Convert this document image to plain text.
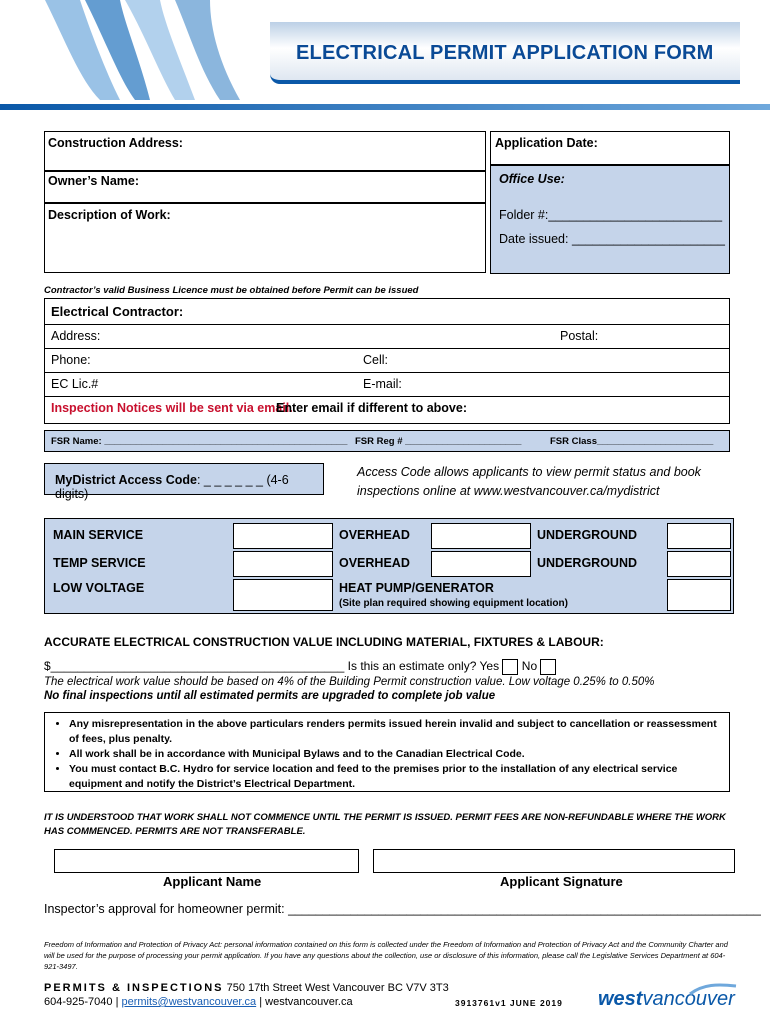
ELECTRICAL PERMIT APPLICATION FORM
Construction Address:
Owner’s Name:
Description of Work:
Application Date:
Office Use:
Folder #:_________________________
Date issued: ______________________
Contractor’s valid Business Licence must be obtained before Permit can be issued
Electrical Contractor:
Address:	Postal:
Phone:	Cell:
EC Lic.#	E-mail:
Inspection Notices will be sent via email.
Enter email if different to above:
FSR Name: ______________________________________________ FSR Reg # ______________________	FSR Class______________________
MyDistrict Access Code: _ _ _ _ _ _ (4-6 digits)
Access Code allows applicants to view permit status and book
inspections online at www.westvancouver.ca/mydistrict
MAIN SERVICE	OVERHEAD	UNDERGROUND
TEMP SERVICE	OVERHEAD	UNDERGROUND
LOW VOLTAGE	HEAT PUMP/GENERATOR
(Site plan required showing equipment location)
ACCURATE ELECTRICAL CONSTRUCTION VALUE INCLUDING MATERIAL, FIXTURES & LABOUR:
$____________________________________________ Is this an estimate only? Yes No
The electrical work value should be based on 4% of the Building Permit construction value. Low voltage 0.25% to 0.50%
No final inspections until all estimated permits are upgraded to complete job value
• Any misrepresentation in the above particulars renders permits issued herein invalid and subject to cancellation or reassessment of fees, plus penalty.
• All work shall be in accordance with Municipal Bylaws and to the Canadian Electrical Code.
• You must contact B.C. Hydro for service location and feed to the premises prior to the installation of any electrical service equipment and notify the District’s Electrical Department.
IT IS UNDERSTOOD THAT WORK SHALL NOT COMMENCE UNTIL THE PERMIT IS ISSUED. PERMIT FEES ARE NON-REFUNDABLE WHERE THE WORK HAS COMMENCED. PERMITS ARE NOT TRANSFERABLE.
Applicant Name	Applicant Signature
Inspector’s approval for homeowner permit: ____________________________________________________________________
Freedom of Information and Protection of Privacy Act: personal information contained on this form is collected under the Freedom of Information and Protection of Privacy Act and the Community Charter and will be used for the purpose of processing your permit application. If you have any questions about the collection, use or disclosure of this information, please call the Legislative Services Department at 604-921-3497.
PERMITS & INSPECTIONS 750 17th Street West Vancouver BC V7V 3T3
604-925-7040 | permits@westvancouver.ca | westvancouver.ca	3913761v1 JUNE 2019 westvancouver
